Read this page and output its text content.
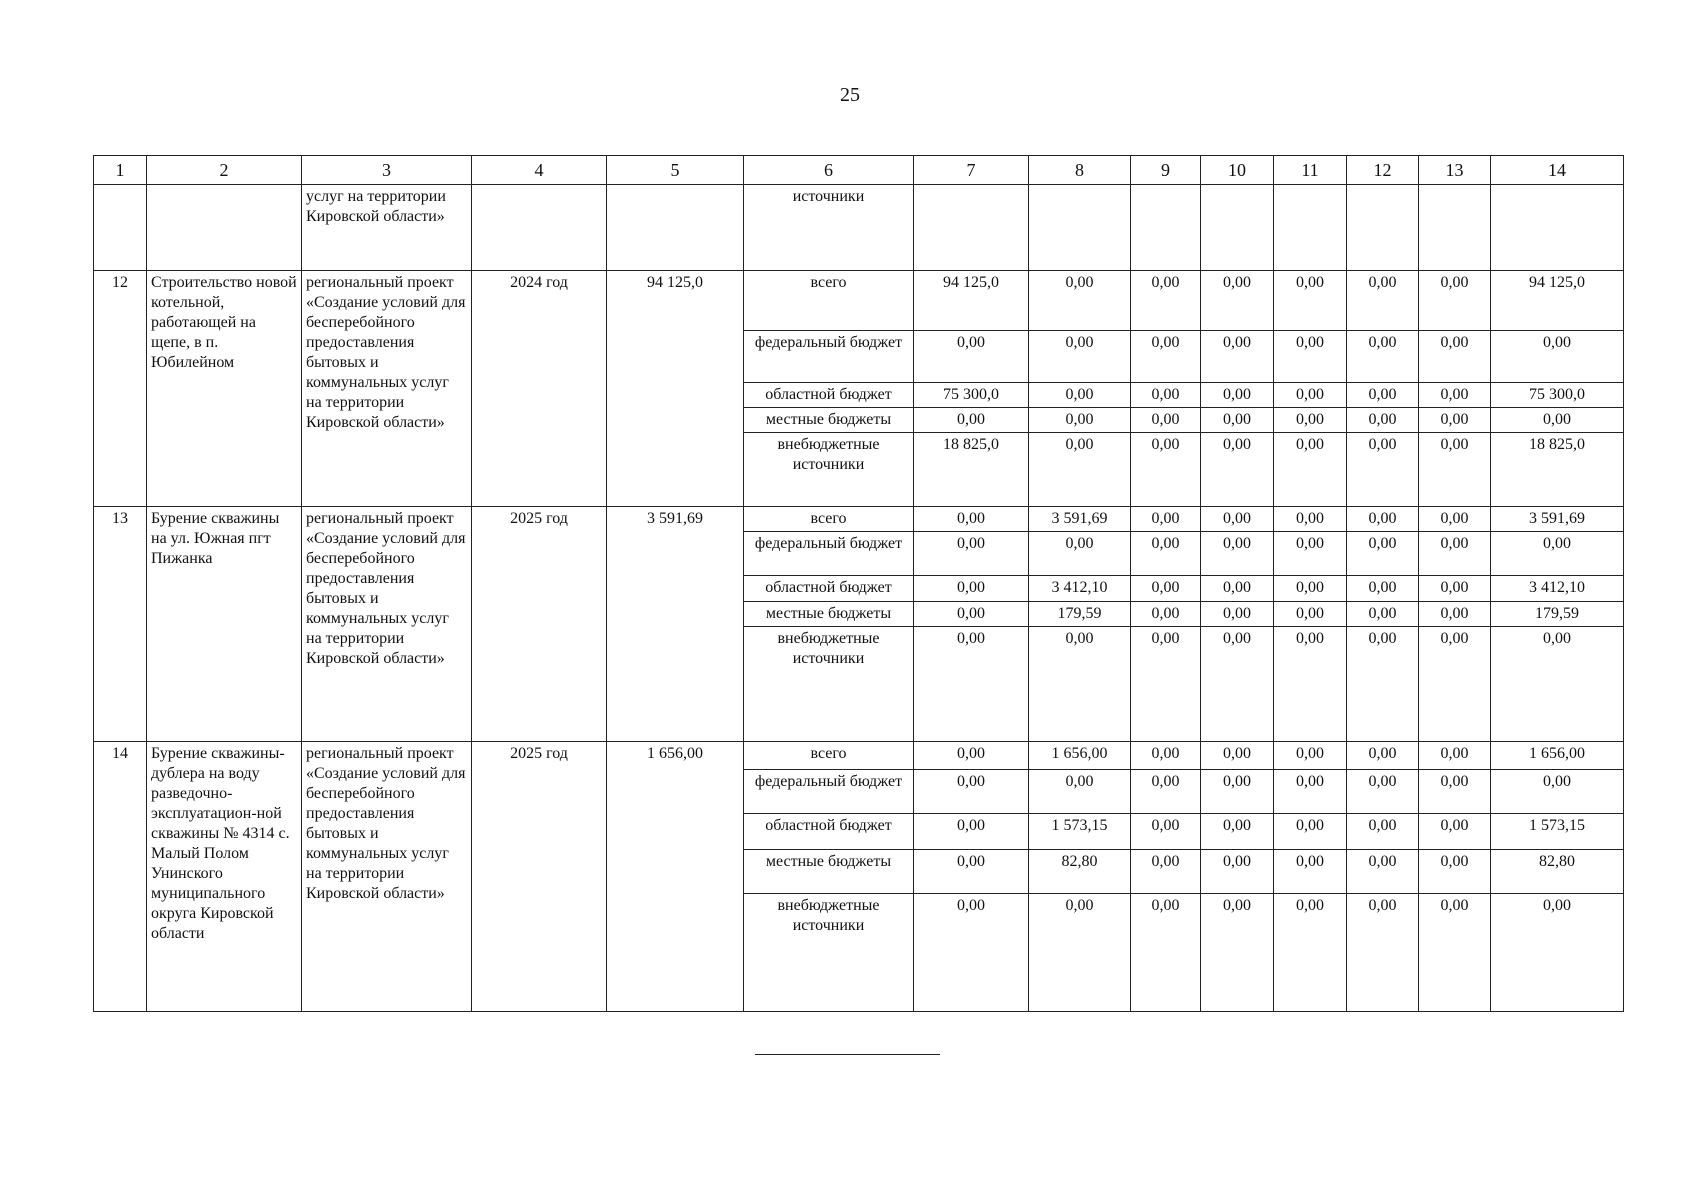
25
1	2	3	4	5	6	7	8	9	10	11	12	13	14
		услуг на территории Кировской области»			источники								
12	Строительство новой котельной, работающей на щепе, в п. Юбилейном	региональный проект «Создание условий для бесперебойного предоставления бытовых и коммунальных услуг на территории Кировской области»	2024 год	94 125,0	всего	94 125,0	0,00	0,00	0,00	0,00	0,00	0,00	94 125,0
					федеральный бюджет	0,00	0,00	0,00	0,00	0,00	0,00	0,00	0,00
					областной бюджет	75 300,0	0,00	0,00	0,00	0,00	0,00	0,00	75 300,0
					местные бюджеты	0,00	0,00	0,00	0,00	0,00	0,00	0,00	0,00
					внебюджетные источники	18 825,0	0,00	0,00	0,00	0,00	0,00	0,00	18 825,0
13	Бурение скважины на ул. Южная пгт Пижанка	региональный проект «Создание условий для бесперебойного предоставления бытовых и коммунальных услуг на территории Кировской области»	2025 год	3 591,69	всего	0,00	3 591,69	0,00	0,00	0,00	0,00	0,00	3 591,69
					федеральный бюджет	0,00	0,00	0,00	0,00	0,00	0,00	0,00	0,00
					областной бюджет	0,00	3 412,10	0,00	0,00	0,00	0,00	0,00	3 412,10
					местные бюджеты	0,00	179,59	0,00	0,00	0,00	0,00	0,00	179,59
					внебюджетные источники	0,00	0,00	0,00	0,00	0,00	0,00	0,00	0,00
14	Бурение скважины-дублера на воду разведочно-эксплуатацион-ной скважины № 4314 с. Малый Полом Унинского муниципального округа Кировской области	региональный проект «Создание условий для бесперебойного предоставления бытовых и коммунальных услуг на территории Кировской области»	2025 год	1 656,00	всего	0,00	1 656,00	0,00	0,00	0,00	0,00	0,00	1 656,00
					федеральный бюджет	0,00	0,00	0,00	0,00	0,00	0,00	0,00	0,00
					областной бюджет	0,00	1 573,15	0,00	0,00	0,00	0,00	0,00	1 573,15
					местные бюджеты	0,00	82,80	0,00	0,00	0,00	0,00	0,00	82,80
					внебюджетные источники	0,00	0,00	0,00	0,00	0,00	0,00	0,00	0,00
